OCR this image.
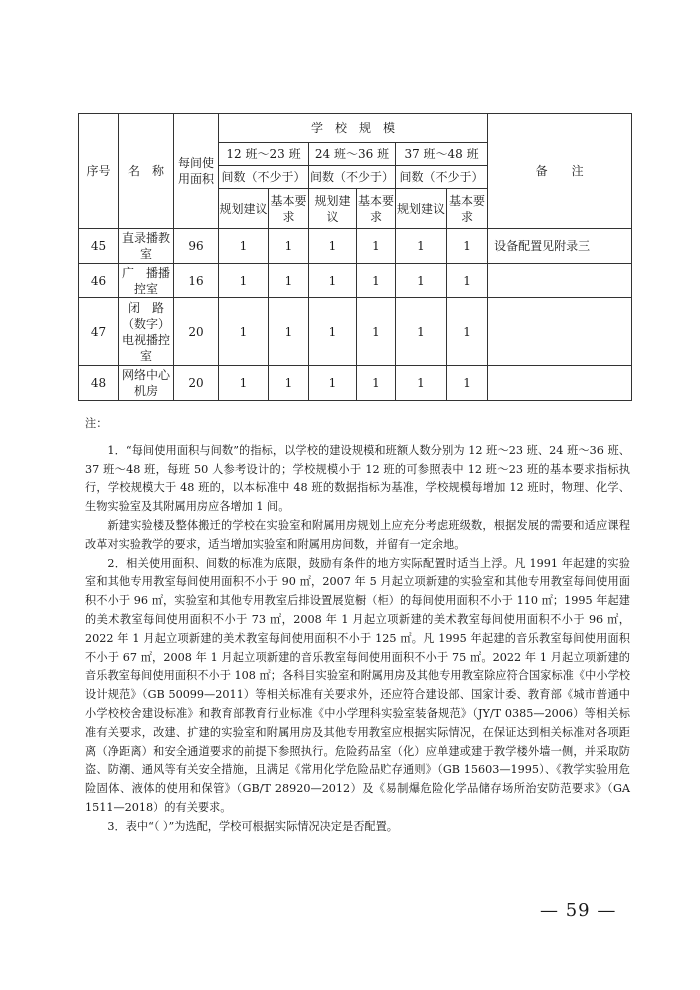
序号	名　称	每间使用面积	学　校　规　模						备　　注
			12 班～23 班		24 班～36 班		37 班～48 班		
			间数（不少于）		间数（不少于）		间数（不少于）		
			规划建议	基本要求	规划建议	基本要求	规划建议	基本要求	
45	直录播教　室	96	1	1	1	1	1	1	设备配置见附录三
46	广　播播控室	16	1	1	1	1	1	1	
47	闭　路（数字）电视播控　室	20	1	1	1	1	1	1	
48	网络中心机房	20	1	1	1	1	1	1	

注：

1．“每间使用面积与间数”的指标，以学校的建设规模和班额人数分别为 12 班～23 班、24 班～36 班、37 班～48 班，每班 50 人参考设计的；学校规模小于 12 班的可参照表中 12 班～23 班的基本要求指标执行，学校规模大于 48 班的，以本标准中 48 班的数据指标为基准，学校规模每增加 12 班时，物理、化学、生物实验室及其附属用房应各增加 1 间。

新建实验楼及整体搬迁的学校在实验室和附属用房规划上应充分考虑班级数，根据发展的需要和适应课程改革对实验教学的要求，适当增加实验室和附属用房间数，并留有一定余地。

2．相关使用面积、间数的标准为底限，鼓励有条件的地方实际配置时适当上浮。凡 1991 年起建的实验室和其他专用教室每间使用面积不小于 90 ㎡，2007 年 5 月起立项新建的实验室和其他专用教室每间使用面积不小于 96 ㎡，实验室和其他专用教室后排设置展览橱（柜）的每间使用面积不小于 110 ㎡；1995 年起建的美术教室每间使用面积不小于 73 ㎡，2008 年 1 月起立项新建的美术教室每间使用面积不小于 96 ㎡，2022 年 1 月起立项新建的美术教室每间使用面积不小于 125 ㎡。凡 1995 年起建的音乐教室每间使用面积不小于 67 ㎡，2008 年 1 月起立项新建的音乐教室每间使用面积不小于 75 ㎡。2022 年 1 月起立项新建的音乐教室每间使用面积不小于 108 ㎡；各科目实验室和附属用房及其他专用教室除应符合国家标准《中小学校设计规范》（GB 50099—2011）等相关标准有关要求外，还应符合建设部、国家计委、教育部《城市普通中小学校校舍建设标准》和教育部教育行业标准《中小学理科实验室装备规范》（JY/T 0385—2006）等相关标准有关要求，改建、扩建的实验室和附属用房及其他专用教室应根据实际情况，在保证达到相关标准对各项距离（净距离）和安全通道要求的前提下参照执行。危险药品室（化）应单建或建于教学楼外墙一侧，并采取防盗、防潮、通风等有关安全措施，且满足《常用化学危险品贮存通则》（GB 15603—1995）、《教学实验用危险固体、液体的使用和保管》（GB/T 28920—2012）及《易制爆危险化学品储存场所治安防范要求》（GA 1511—2018）的有关要求。

3．表中“（ ）”为选配，学校可根据实际情况决定是否配置。

— 59 —
